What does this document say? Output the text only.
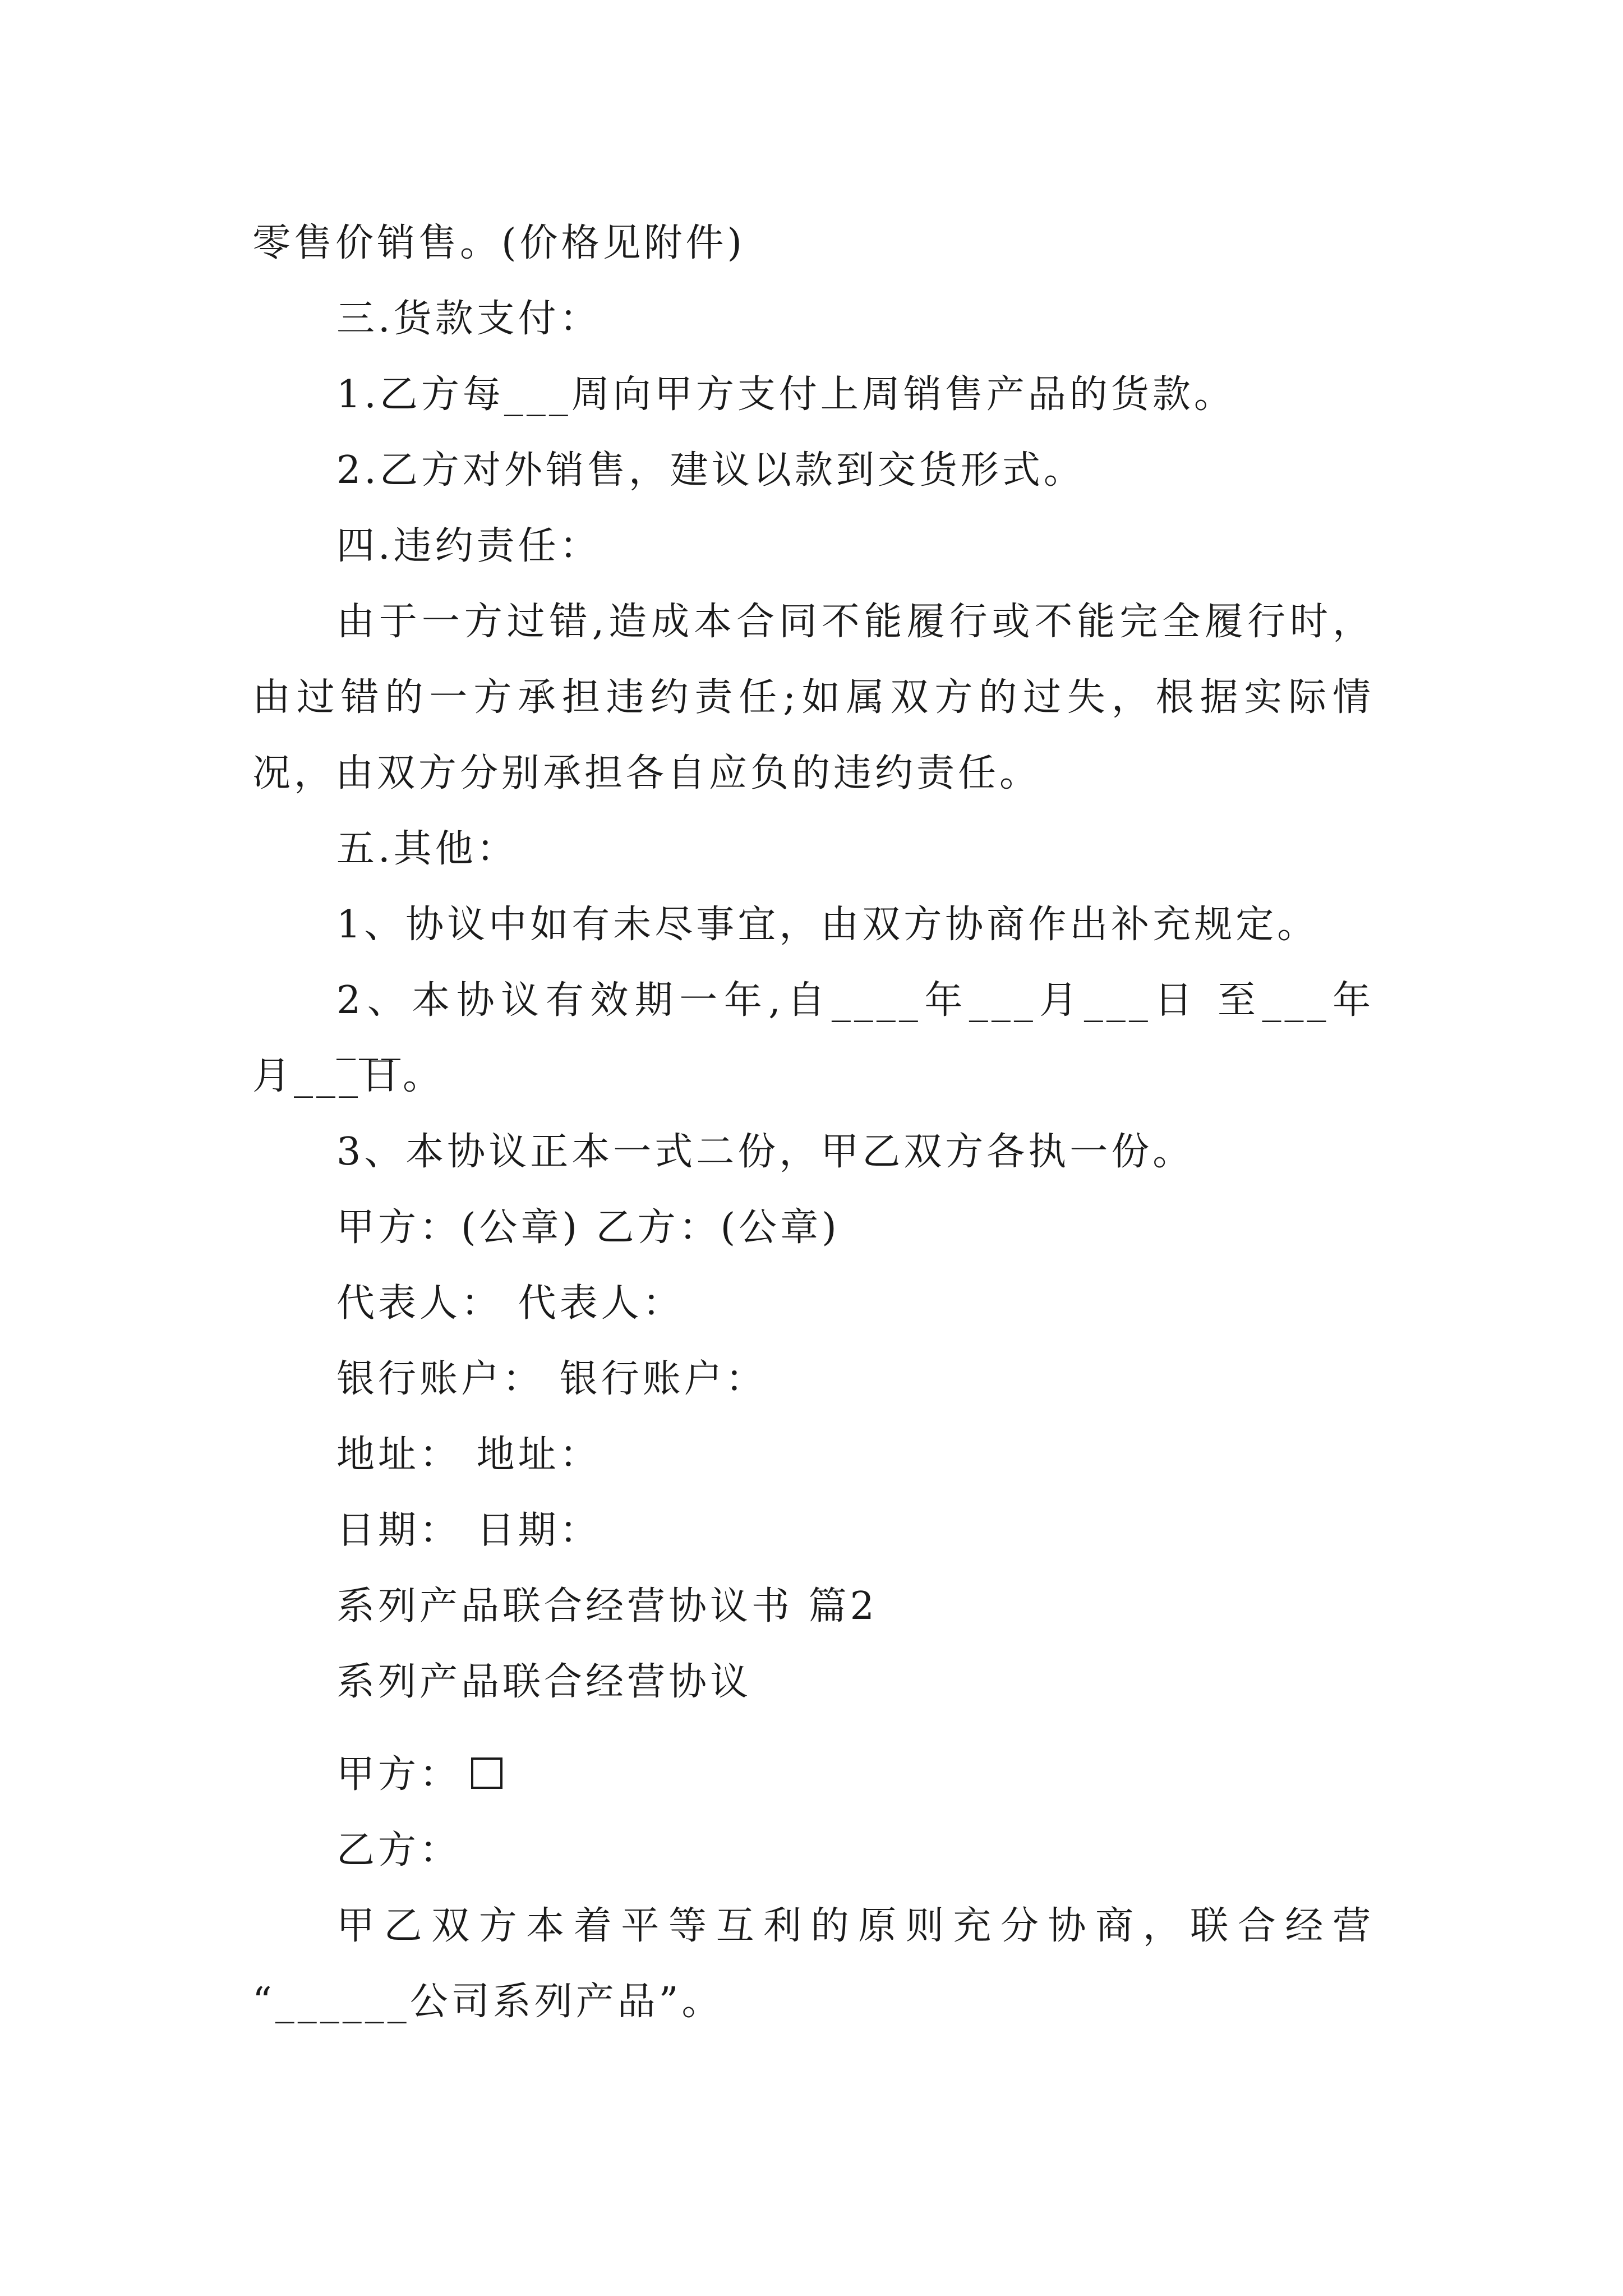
零售价销售。(价格见附件)
三.货款支付：
1.乙方每___周向甲方支付上周销售产品的货款。
2.乙方对外销售，建议以款到交货形式。
四.违约责任：
由于一方过错,造成本合同不能履行或不能完全履行时，
由过错的一方承担违约责任;如属双方的过失，根据实际情
况，由双方分别承担各自应负的违约责任。
五.其他：
1、协议中如有未尽事宜，由双方协商作出补充规定。
2、本协议有效期一年,自____年___月___日 至___年___
月___日。
3、本协议正本一式二份，甲乙双方各执一份。
甲方：(公章) 乙方：(公章)
代表人： 代表人：
银行账户： 银行账户：
地址： 地址：
日期： 日期：
系列产品联合经营协议书 篇2
系列产品联合经营协议
甲方：
乙方：
甲乙双方本着平等互利的原则充分协商，联合经营
“______公司系列产品”。
